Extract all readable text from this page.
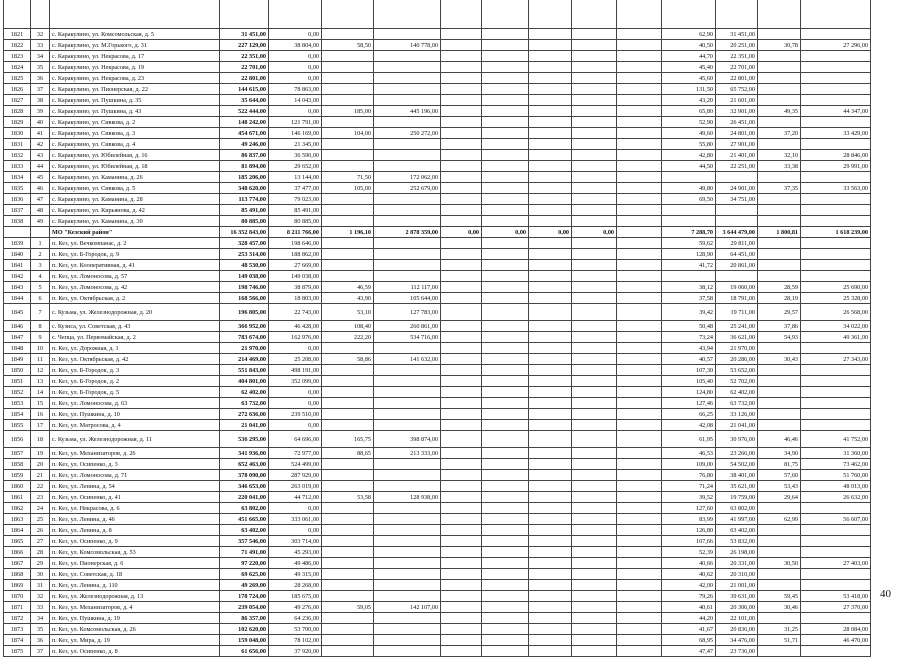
1821	32	с. Каракулино, ул. Комсомольская, д. 5	31 451,00	0,00								62,90	31 451,00		
1822	33	с. Каракулино, ул. М.Горького, д. 31	227 129,00	38 804,00	58,50	140 778,00						40,50	20 251,00	30,78	27 296,00
1823	34	с. Каракулино, ул. Некрасова, д. 17	22 351,00	0,00								44,70	22 351,00		
1824	35	с. Каракулино, ул. Некрасова, д. 19	22 701,00	0,00								45,40	22 701,00		
1825	36	с. Каракулино, ул. Некрасова, д. 23	22 801,00	0,00								45,60	22 801,00		
1826	37	с. Каракулино, ул. Пионерская, д. 22	144 615,00	78 863,00								131,50	65 752,00		
1827	38	с. Каракулино, ул. Пушкина, д. 35	35 644,00	14 043,00								43,20	21 601,00		
1828	39	с. Каракулино, ул. Пушкина, д. 43	522 444,00	0,00	185,00	445 196,00						65,80	32 901,00	49,35	44 347,00
1829	40	с. Каракулино, ул. Сивкова, д. 2	148 242,00	121 791,00								52,90	26 451,00		
1830	41	с. Каракулино, ул. Сивкова, д. 3	454 671,00	146 169,00	104,00	250 272,00						49,60	24 801,00	37,20	33 429,00
1831	42	с. Каракулино, ул. Сивкова, д. 4	49 246,00	21 345,00								55,80	27 901,00		
1832	43	с. Каракулино, ул. Юбилейная, д. 16	86 837,00	36 590,00								42,80	21 401,00	32,10	28 846,00
1833	44	с. Каракулино, ул. Юбилейная, д. 18	81 894,00	29 652,00								44,50	22 251,00	33,38	29 991,00
1834	45	с. Каракулино, ул. Каманина, д. 26	185 206,00	13 144,00	71,50	172 062,00									
1835	46	с. Каракулино, ул. Сивкова, д. 5	348 620,00	37 477,00	105,00	252 679,00						49,80	24 901,00	37,35	33 563,00
1836	47	с. Каракулино, ул. Каманина, д. 28	113 774,00	79 023,00								69,50	34 751,00		
1837	48	с. Каракулино, ул. Кирьянова, д. 42	85 491,00	85 491,00											
1838	49	с. Каракулино, ул. Каманина, д. 30	80 885,00	80 885,00											
		МО "Кезский район"	16 352 843,00	8 211 766,00	1 196,10	2 878 359,00	0,00	0,00	0,00	0,00		7 288,70	3 644 479,00	1 800,81	1 618 239,00
1839	1	п. Кез, ул. Вечкомпанас, д. 2	328 457,00	198 646,00								59,62	29 811,00		
1840	2	п. Кез, ул. Б-Городок, д. 9	253 314,00	188 862,00								128,90	64 451,00		
1841	3	п. Кез, ул. Кооперативная, д. 41	48 530,00	27 669,00								41,72	20 861,00		
1842	4	п. Кез, ул. Ломоносова, д. 57	149 038,00	149 038,00											
1843	5	п. Кез, ул. Ломоносова, д. 42	198 746,00	38 879,00	46,59	112 117,00						38,12	19 060,00	28,59	25 690,00
1844	6	п. Кез, ул. Октябрьская, д. 2	168 566,00	18 803,00	43,90	105 644,00						37,58	18 791,00	28,19	25 328,00
1845	7	с. Кузьма, ул. Железнодорожная, д. 20	196 805,00	22 743,00	53,10	127 783,00						39,42	19 711,00	29,57	26 568,00
1846	8	с. Кузиса, ул. Советская, д. 43	366 952,00	46 428,00	108,40	260 861,00						50,48	25 241,00	37,86	34 022,00
1847	9	с. Чепца, ул. Первомайская, д. 2	783 674,00	162 976,00	222,20	534 716,00						73,24	36 621,00	54,93	49 361,00
1848	10	п. Кез, ул. Дорожная, д. 1	21 970,00	0,00								43,94	21 970,00		
1849	11	п. Кез, ул. Октябрьская, д. 42	214 469,00	25 208,00	58,86	141 632,00						40,57	20 286,00	30,43	27 343,00
1850	12	п. Кез, ул. Б-Городок, д. 3	551 843,00	498 191,00								107,30	53 652,00		
1851	13	п. Кез, ул. Б-Городок, д. 2	404 801,00	352 099,00								105,40	52 702,00		
1852	14	п. Кез, ул. Б-Городок, д. 5	62 402,00	0,00								124,80	62 402,00		
1853	15	п. Кез, ул. Ломоносова, д. 63	63 732,00	0,00								127,46	63 732,00		
1854	16	п. Кез, ул. Пушкина, д. 10	272 636,00	239 510,00								66,25	33 126,00		
1855	17	п. Кез, ул. Матросова, д. 4	21 041,00	0,00								42,08	21 041,00		
1856	18	с. Кузьма, ул. Железнодорожная, д. 11	536 295,00	64 696,00	165,75	398 874,00						61,95	30 976,00	46,46	41 752,00
1857	19	п. Кез, ул. Механизаторов, д. 26	341 936,00	72 977,00	88,65	213 333,00						46,53	23 266,00	34,90	31 360,00
1858	20	п. Кез, ул. Осипенко, д. 3	652 463,00	524 499,00								109,00	54 502,00	81,75	73 462,00
1859	21	п. Кез, ул. Ломоносова, д. 71	378 090,00	287 929,00								76,80	38 401,00	57,60	51 760,00
1860	22	п. Кез, ул. Ленина, д. 54	346 653,00	263 019,00								71,24	35 621,00	53,43	48 013,00
1861	23	п. Кез, ул. Осипенко, д. 41	220 041,00	44 712,00	53,58	128 938,00						39,52	19 759,00	29,64	26 632,00
1862	24	п. Кез, ул. Некрасова, д. 6	63 802,00	0,00								127,60	63 802,00		
1863	25	п. Кез, ул. Ленина, д. 46	451 665,00	333 061,00								83,99	41 997,00	62,99	56 607,00
1864	26	п. Кез, ул. Ленина, д. 8	63 402,00	0,00								126,80	63 402,00		
1865	27	п. Кез, ул. Осипенко, д. 9	357 546,00	303 714,00								107,66	53 832,00		
1866	28	п. Кез, ул. Комсомольская, д. 53	71 491,00	45 293,00								52,39	26 198,00		
1867	29	п. Кез, ул. Пионерская, д. 6	97 220,00	49 486,00								40,66	20 331,00	30,50	27 403,00
1868	30	п. Кез, ул. Советская, д. 18	69 625,00	49 315,00								40,62	20 310,00		
1869	31	п. Кез, ул. Ленина, д. 110	49 269,00	28 268,00								42,00	21 001,00		
1870	32	п. Кез, ул. Железнодорожная, д. 13	178 724,00	185 675,00								79,26	39 631,00	59,45	53 418,00
1871	33	п. Кез, ул. Механизаторов, д. 4	239 054,00	49 276,00	59,05	142 107,00						40,61	20 306,00	30,46	27 370,00
1872	34	п. Кез, ул. Пушкина, д. 19	86 357,00	64 236,00								44,20	22 101,00		
1873	35	п. Кез, ул. Комсомольская, д. 26	102 620,00	53 700,00								41,67	20 836,00	31,25	28 084,00
1874	36	п. Кез, ул. Мира, д. 19	159 048,00	78 102,00								68,95	34 476,00	51,71	46 470,00
1875	37	п. Кез, ул. Осипенко, д. 8	61 656,00	37 920,00								47,47	23 736,00		
40
